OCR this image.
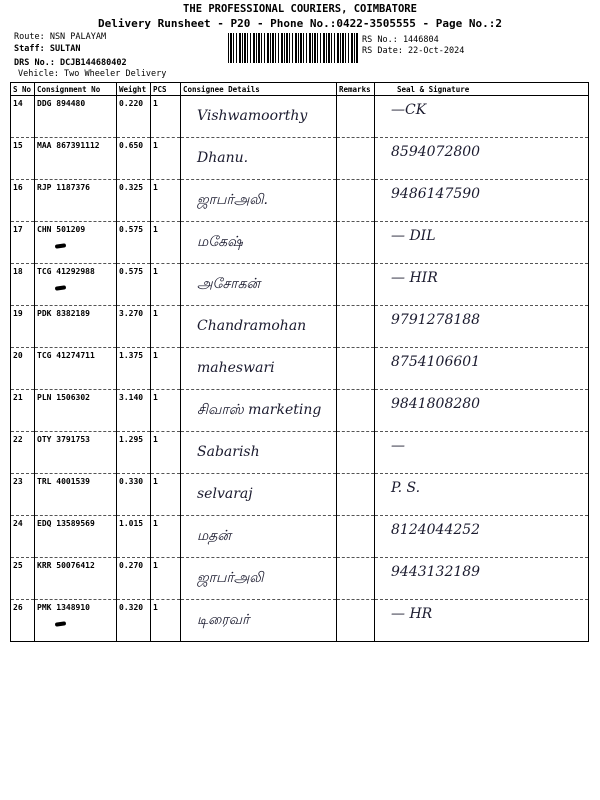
THE PROFESSIONAL COURIERS, COIMBATORE
Delivery Runsheet - P20 - Phone No.:0422-3505555 - Page No.:2
Route: NSN PALAYAM
Staff: SULTAN
DRS No.: DCJB144680402
Vehicle: Two Wheeler Delivery
RS No.: 1446804
RS Date: 22-Oct-2024
S No	Consignment No	Weight	PCS	Consignee Details	Remarks	Seal & Signature
14	DDG 894480	0.220	1	Vishwamoorthy		—CK

15	MAA 867391112	0.650	1	Dhanu.		8594072800

16	RJP 1187376	0.325	1	ஜாபர்அலி.		9486147590

17	CHN 501209	0.575	1	மகேஷ்		— DIL

18	TCG 41292988	0.575	1	அசோகன்		— HIR

19	PDK 8382189	3.270	1	Chandramohan		9791278188

20	TCG 41274711	1.375	1	maheswari		8754106601

21	PLN 1506302	3.140	1	சிவாஸ் marketing		9841808280

22	OTY 3791753	1.295	1	Sabarish		—

23	TRL 4001539	0.330	1	selvaraj		P. S.

24	EDQ 13589569	1.015	1	மதன்		8124044252

25	KRR 50076412	0.270	1	ஜாபர்அலி		9443132189

26	PMK 1348910	0.320	1	டிரைவர்		— HR
